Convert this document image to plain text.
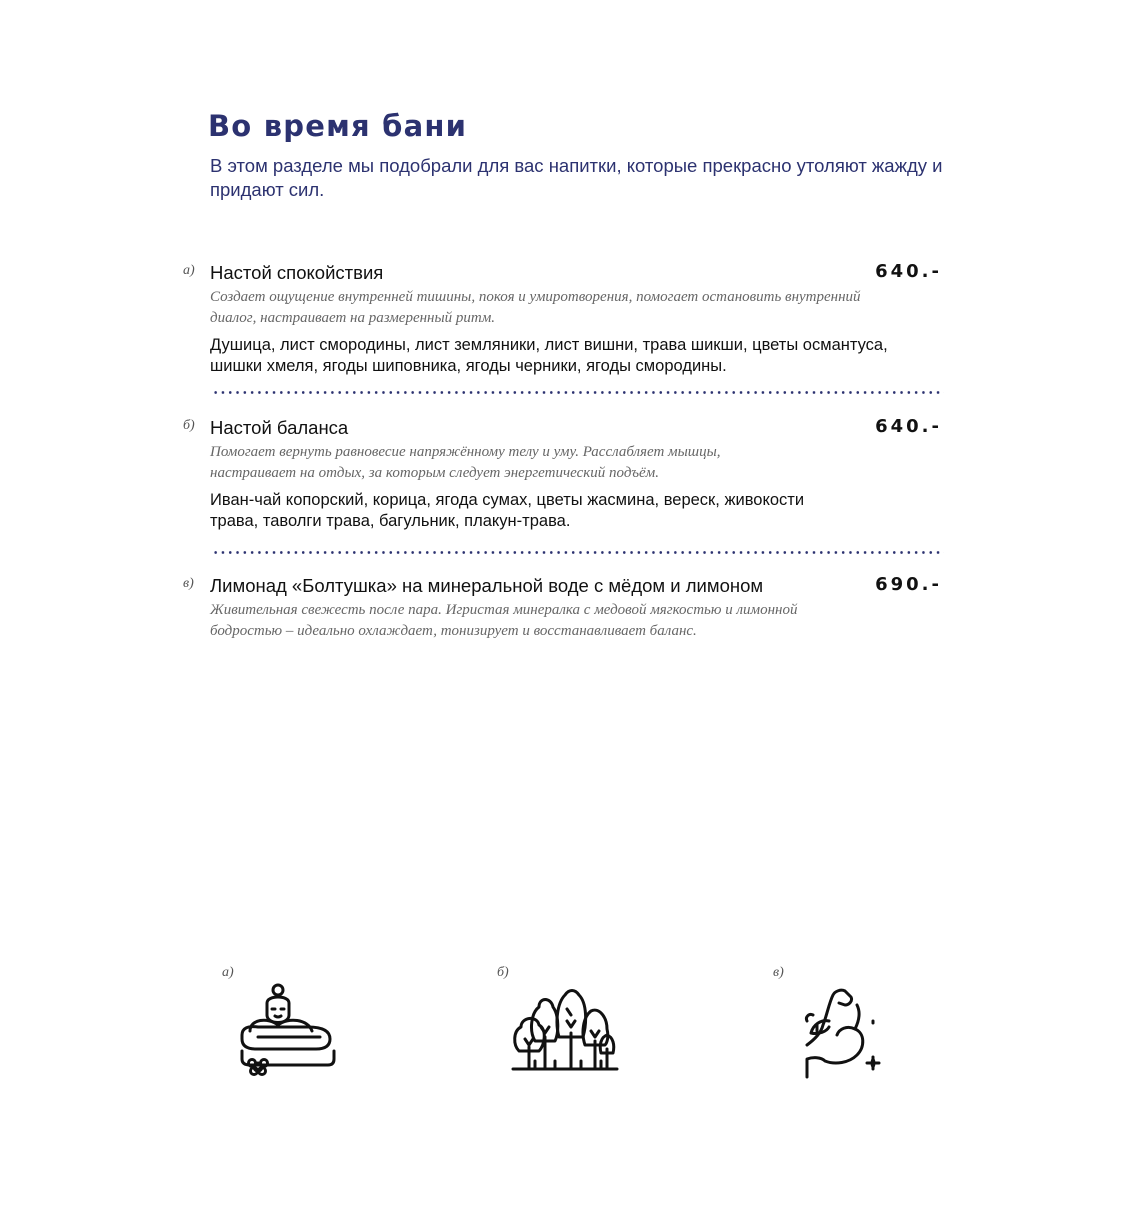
Во время бани

В этом разделе мы подобрали для вас напитки, которые прекрасно утоляют жажду и придают сил.

а) Настой спокойствия	640.-
Создает ощущение внутренней тишины, покоя и умиротворения, помогает остановить внутренний диалог, настраивает на размеренный ритм.
Душица, лист смородины, лист земляники, лист вишни, трава шикши, цветы османтуса, шишки хмеля, ягоды шиповника, ягоды черники, ягоды смородины.
б) Настой баланса	640.-
Помогает вернуть равновесие напряжённому телу и уму. Расслабляет мышцы, настраивает на отдых, за которым следует энергетический подъём.
Иван-чай копорский, корица, ягода сумах, цветы жасмина, вереск, живокости трава, таволги трава, багульник, плакун-трава.
в) Лимонад «Болтушка» на минеральной воде с мёдом и лимоном	690.-
Живительная свежесть после пара. Игристая минералка с медовой мягкостью и лимонной бодростью – идеально охлаждает, тонизирует и восстанавливает баланс.
а)	б)	в)
